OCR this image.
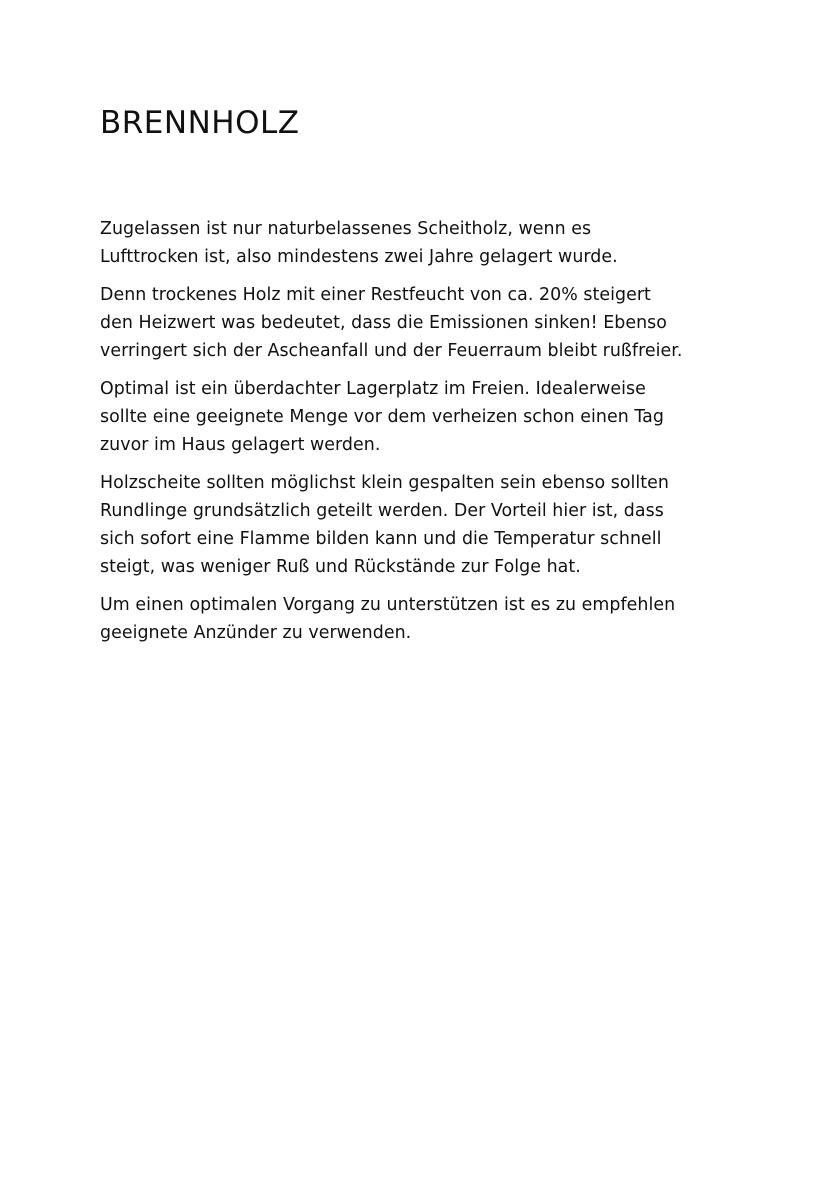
BRENNHOLZ

Zugelassen ist nur naturbelassenes Scheitholz, wenn es
Lufttrocken ist, also mindestens zwei Jahre gelagert wurde.

Denn trockenes Holz mit einer Restfeucht von ca. 20% steigert
den Heizwert was bedeutet, dass die Emissionen sinken! Ebenso
verringert sich der Ascheanfall und der Feuerraum bleibt rußfreier.

Optimal ist ein überdachter Lagerplatz im Freien. Idealerweise
sollte eine geeignete Menge vor dem verheizen schon einen Tag
zuvor im Haus gelagert werden.

Holzscheite sollten möglichst klein gespalten sein ebenso sollten
Rundlinge grundsätzlich geteilt werden. Der Vorteil hier ist, dass
sich sofort eine Flamme bilden kann und die Temperatur schnell
steigt, was weniger Ruß und Rückstände zur Folge hat.

Um einen optimalen Vorgang zu unterstützen ist es zu empfehlen
geeignete Anzünder zu verwenden.
